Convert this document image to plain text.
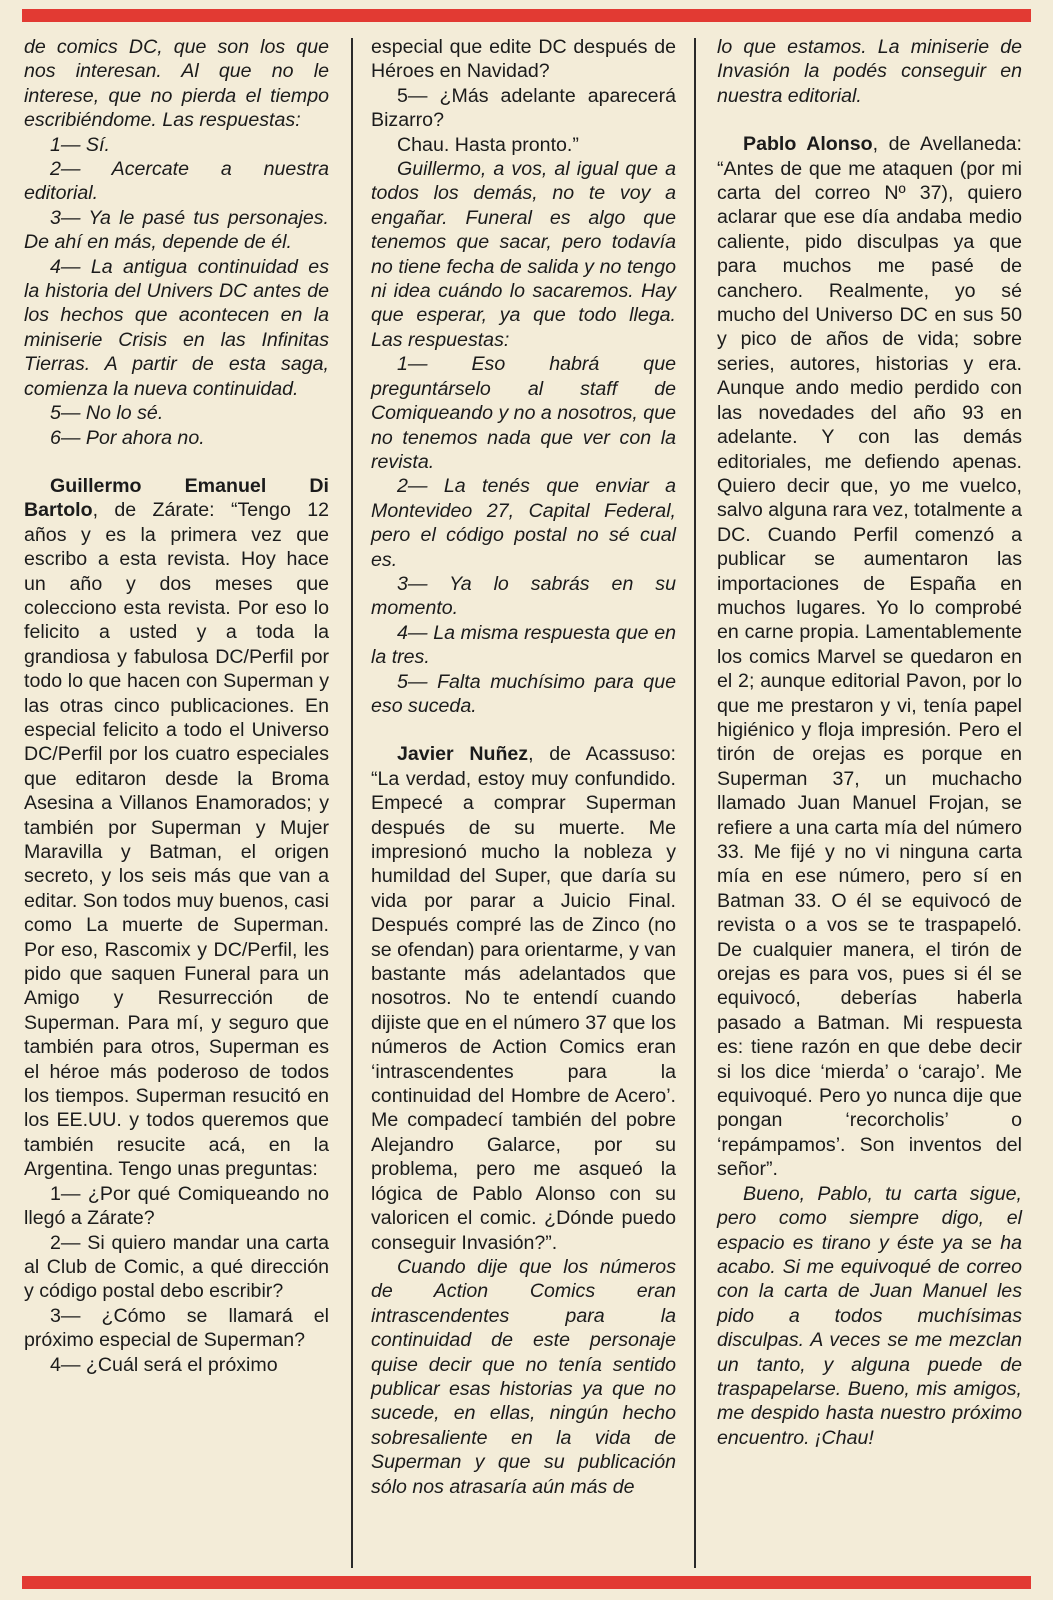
de comics DC, que son los que nos interesan. Al que no le interese, que no pierda el tiempo escribiéndome. Las respuestas:

1— Sí.

2— Acercate a nuestra editorial.

3— Ya le pasé tus personajes. De ahí en más, depende de él.

4— La antigua continuidad es la historia del Univers DC antes de los hechos que acontecen en la miniserie Crisis en las Infinitas Tierras. A partir de esta saga, comienza la nueva continuidad.

5— No lo sé.

6— Por ahora no.

Guillermo Emanuel Di Bartolo, de Zárate: “Tengo 12 años y es la primera vez que escribo a esta revista. Hoy hace un año y dos meses que colecciono esta revista. Por eso lo felicito a usted y a toda la grandiosa y fabulosa DC/Perfil por todo lo que hacen con Superman y las otras cinco publicaciones. En especial felicito a todo el Universo DC/Perfil por los cuatro especiales que editaron desde la Broma Asesina a Villanos Enamorados; y también por Superman y Mujer Maravilla y Batman, el origen secreto, y los seis más que van a editar. Son todos muy buenos, casi como La muerte de Superman. Por eso, Rascomix y DC/Perfil, les pido que saquen Funeral para un Amigo y Resurrección de Superman. Para mí, y seguro que también para otros, Superman es el héroe más poderoso de todos los tiempos. Superman resucitó en los EE.UU. y todos queremos que también resucite acá, en la Argentina. Tengo unas preguntas:

1— ¿Por qué Comiqueando no llegó a Zárate?

2— Si quiero mandar una carta al Club de Comic, a qué dirección y código postal debo escribir?

3— ¿Cómo se llamará el próximo especial de Superman?

4— ¿Cuál será el próximo

especial que edite DC después de Héroes en Navidad?

5— ¿Más adelante aparecerá Bizarro?

Chau. Hasta pronto.”

Guillermo, a vos, al igual que a todos los demás, no te voy a engañar. Funeral es algo que tenemos que sacar, pero todavía no tiene fecha de salida y no tengo ni idea cuándo lo sacaremos. Hay que esperar, ya que todo llega. Las respuestas:

1— Eso habrá que preguntárselo al staff de Comiqueando y no a nosotros, que no tenemos nada que ver con la revista.

2— La tenés que enviar a Montevideo 27, Capital Federal, pero el código postal no sé cual es.

3— Ya lo sabrás en su momento.

4— La misma respuesta que en la tres.

5— Falta muchísimo para que eso suceda.

Javier Nuñez, de Acassuso: “La verdad, estoy muy confundido. Empecé a comprar Superman después de su muerte. Me impresionó mucho la nobleza y humildad del Super, que daría su vida por parar a Juicio Final. Después compré las de Zinco (no se ofendan) para orientarme, y van bastante más adelantados que nosotros. No te entendí cuando dijiste que en el número 37 que los números de Action Comics eran ‘intrascendentes para la continuidad del Hombre de Acero’. Me compadecí también del pobre Alejandro Galarce, por su problema, pero me asqueó la lógica de Pablo Alonso con su valoricen el comic. ¿Dónde puedo conseguir Invasión?”.

Cuando dije que los números de Action Comics eran intrascendentes para la continuidad de este personaje quise decir que no tenía sentido publicar esas historias ya que no sucede, en ellas, ningún hecho sobresaliente en la vida de Superman y que su publicación sólo nos atrasaría aún más de

lo que estamos. La miniserie de Invasión la podés conseguir en nuestra editorial.

Pablo Alonso, de Avellaneda: “Antes de que me ataquen (por mi carta del correo Nº 37), quiero aclarar que ese día andaba medio caliente, pido disculpas ya que para muchos me pasé de canchero. Realmente, yo sé mucho del Universo DC en sus 50 y pico de años de vida; sobre series, autores, historias y era. Aunque ando medio perdido con las novedades del año 93 en adelante. Y con las demás editoriales, me defiendo apenas. Quiero decir que, yo me vuelco, salvo alguna rara vez, totalmente a DC. Cuando Perfil comenzó a publicar se aumentaron las importaciones de España en muchos lugares. Yo lo comprobé en carne propia. Lamentablemente los comics Marvel se quedaron en el 2; aunque editorial Pavon, por lo que me prestaron y vi, tenía papel higiénico y floja impresión. Pero el tirón de orejas es porque en Superman 37, un muchacho llamado Juan Manuel Frojan, se refiere a una carta mía del número 33. Me fijé y no vi ninguna carta mía en ese número, pero sí en Batman 33. O él se equivocó de revista o a vos se te traspapeló. De cualquier manera, el tirón de orejas es para vos, pues si él se equivocó, deberías haberla pasado a Batman. Mi respuesta es: tiene razón en que debe decir si los dice ‘mierda’ o ‘carajo’. Me equivoqué. Pero yo nunca dije que pongan ‘recorcholis’ o ‘repámpamos’. Son inventos del señor”.

Bueno, Pablo, tu carta sigue, pero como siempre digo, el espacio es tirano y éste ya se ha acabo. Si me equivoqué de correo con la carta de Juan Manuel les pido a todos muchísimas disculpas. A veces se me mezclan un tanto, y alguna puede de traspapelarse. Bueno, mis amigos, me despido hasta nuestro próximo encuentro. ¡Chau!
